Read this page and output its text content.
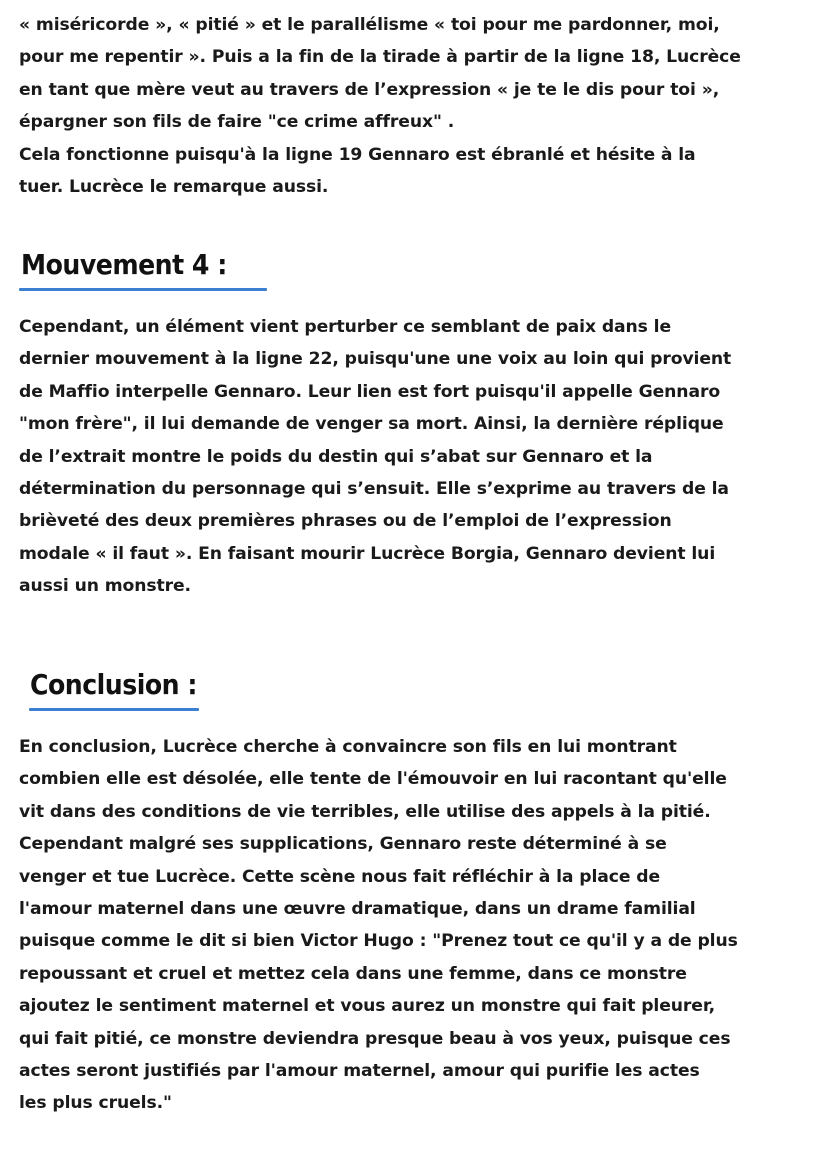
« miséricorde », « pitié » et le parallélisme « toi pour me pardonner, moi,
pour me repentir ». Puis a la fin de la tirade à partir de la ligne 18, Lucrèce
en tant que mère veut au travers de l’expression « je te le dis pour toi »,
épargner son fils de faire "ce crime affreux" .
Cela fonctionne puisqu'à la ligne 19 Gennaro est ébranlé et hésite à la
tuer. Lucrèce le remarque aussi.
Mouvement 4 :
Cependant, un élément vient perturber ce semblant de paix dans le
dernier mouvement à la ligne 22, puisqu'une une voix au loin qui provient
de Maffio interpelle Gennaro. Leur lien est fort puisqu'il appelle Gennaro
"mon frère", il lui demande de venger sa mort. Ainsi, la dernière réplique
de l’extrait montre le poids du destin qui s’abat sur Gennaro et la
détermination du personnage qui s’ensuit. Elle s’exprime au travers de la
brièveté des deux premières phrases ou de l’emploi de l’expression
modale « il faut ». En faisant mourir Lucrèce Borgia, Gennaro devient lui
aussi un monstre.
Conclusion :
En conclusion, Lucrèce cherche à convaincre son fils en lui montrant
combien elle est désolée, elle tente de l'émouvoir en lui racontant qu'elle
vit dans des conditions de vie terribles, elle utilise des appels à la pitié.
Cependant malgré ses supplications, Gennaro reste déterminé à se
venger et tue Lucrèce. Cette scène nous fait réfléchir à la place de
l'amour maternel dans une œuvre dramatique, dans un drame familial
puisque comme le dit si bien Victor Hugo : "Prenez tout ce qu'il y a de plus
repoussant et cruel et mettez cela dans une femme, dans ce monstre
ajoutez le sentiment maternel et vous aurez un monstre qui fait pleurer,
qui fait pitié, ce monstre deviendra presque beau à vos yeux, puisque ces
actes seront justifiés par l'amour maternel, amour qui purifie les actes
les plus cruels."
